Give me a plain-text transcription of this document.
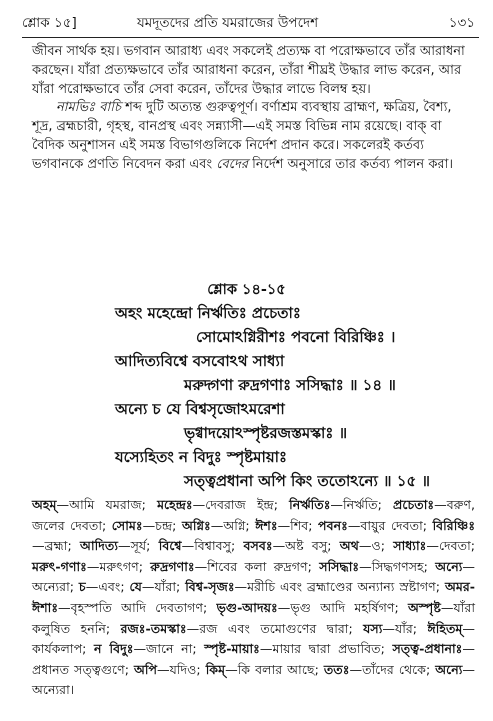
শ্লোক ১৫]	যমদূতদের প্রতি যমরাজের উপদেশ	১৩১

জীবন সার্থক হয়। ভগবান আরাধ্য এবং সকলেই প্রত্যক্ষ বা পরোক্ষভাবে তাঁর আরাধনা করছেন। যাঁরা প্রত্যক্ষভাবে তাঁর আরাধনা করেন, তাঁরা শীঘ্রই উদ্ধার লাভ করেন, আর যাঁরা পরোক্ষভাবে তাঁর সেবা করেন, তাঁদের উদ্ধার লাভে বিলম্ব হয়।

নামভিঃ বাচি শব্দ দুটি অত্যন্ত গুরুত্বপূর্ণ। বর্ণাশ্রম ব্যবস্থায় ব্রাহ্মণ, ক্ষত্রিয়, বৈশ্য, শূদ্র, ব্রহ্মচারী, গৃহস্থ, বানপ্রস্থ এবং সন্ন্যাসী—এই সমস্ত বিভিন্ন নাম রয়েছে। বাক্ বা বৈদিক অনুশাসন এই সমস্ত বিভাগগুলিকে নির্দেশ প্রদান করে। সকলেরই কর্তব্য ভগবানকে প্রণতি নিবেদন করা এবং বেদের নির্দেশ অনুসারে তার কর্তব্য পালন করা।

শ্লোক ১৪-১৫
অহং মহেন্দ্রো নির্ঋতিঃ প্রচেতাঃ
সোমোঽগ্নিরীশঃ পবনো বিরিঞ্চিঃ ।
আদিত্যবিশ্বে বসবোঽথ সাধ্যা
মরুদ্গণা রুদ্রগণাঃ সসিদ্ধাঃ ॥ ১৪ ॥
অন্যে চ যে বিশ্বসৃজোঽমরেশা
ভৃগ্বাদয়োঽস্পৃষ্টরজস্তমস্কাঃ ॥
যস্যেহিতং ন বিদুঃ স্পৃষ্টমায়াঃ
সত্ত্বপ্রধানা অপি কিং ততোঽন্যে ॥ ১৫ ॥
অহম্—আমি যমরাজ; মহেন্দ্রঃ—দেবরাজ ইন্দ্র; নির্ঋতিঃ—নির্ঋতি; প্রচেতাঃ—বরুণ, জলের দেবতা; সোমঃ—চন্দ্র; অগ্নিঃ—অগ্নি; ঈশঃ—শিব; পবনঃ—বায়ুর দেবতা; বিরিঞ্চিঃ—ব্রহ্মা; আদিত্য—সূর্য; বিশ্বে—বিশ্বাবসু; বসবঃ—অষ্ট বসু; অথ—ও; সাধ্যাঃ—দেবতা; মরুৎ-গণাঃ—মরুৎগণ; রুদ্রগণাঃ—শিবের কলা রুদ্রগণ; সসিদ্ধাঃ—সিদ্ধগণসহ; অন্যে—অন্যেরা; চ—এবং; যে—যাঁরা; বিশ্ব-সৃজঃ—মরীচি এবং ব্রহ্মাণ্ডের অন্যান্য স্রষ্টাগণ; অমর-ঈশাঃ—বৃহস্পতি আদি দেবতাগণ; ভৃগু-আদয়ঃ—ভৃগু আদি মহর্ষিগণ; অস্পৃষ্ট—যাঁরা কলুষিত হননি; রজঃ-তমস্কাঃ—রজ এবং তমোগুণের দ্বারা; যস্য—যাঁর; ঈহিতম্—কার্যকলাপ; ন বিদুঃ—জানে না; স্পৃষ্ট-মায়াঃ—মায়ার দ্বারা প্রভাবিত; সত্ত্ব-প্রধানাঃ—প্রধানত সত্ত্বগুণে; অপি—যদিও; কিম্—কি বলার আছে; ততঃ—তাঁদের থেকে; অন্যে—অন্যেরা।
